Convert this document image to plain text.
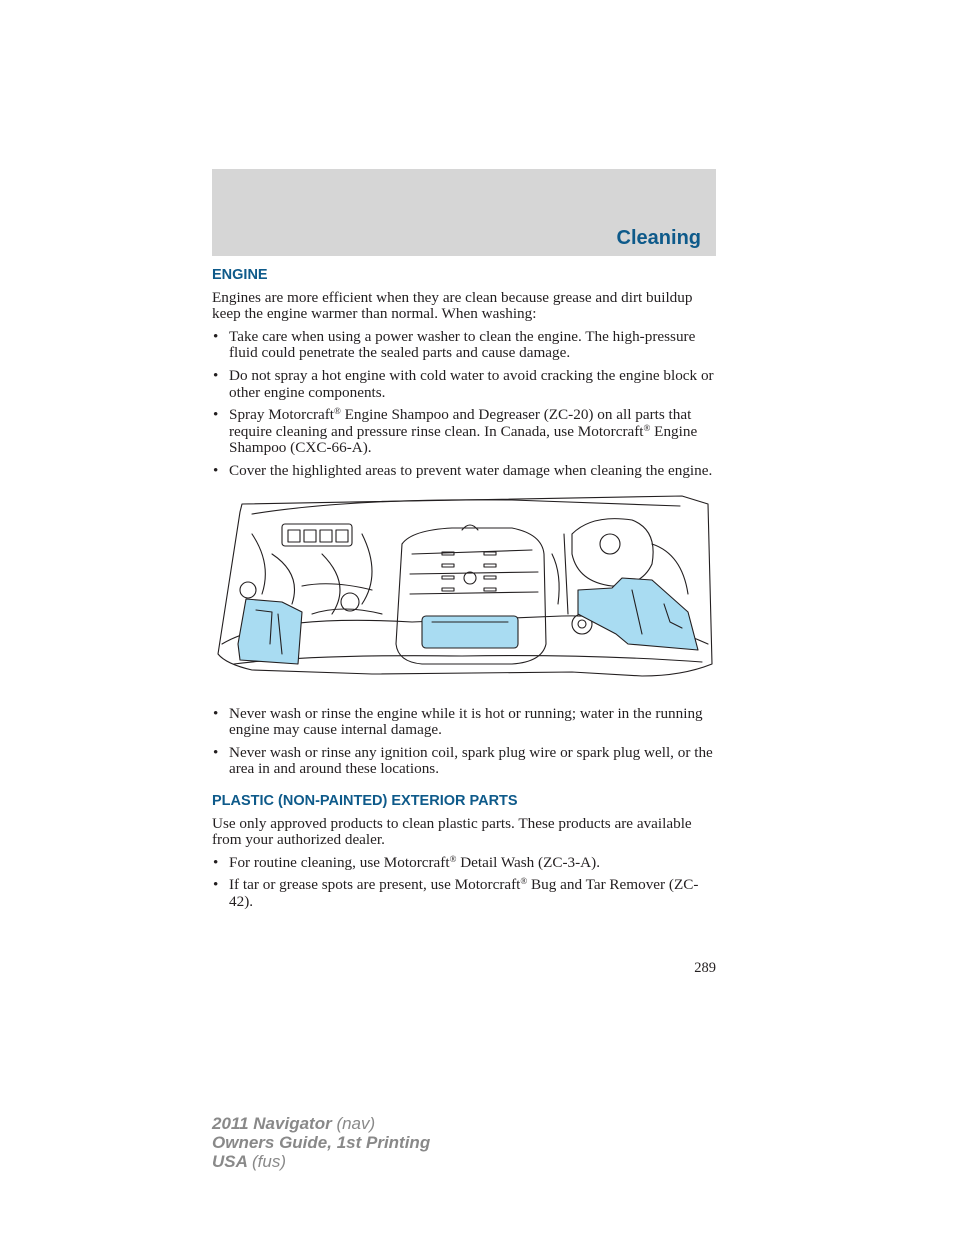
Cleaning
ENGINE

Engines are more efficient when they are clean because grease and dirt buildup keep the engine warmer than normal. When washing:

• Take care when using a power washer to clean the engine. The high-pressure fluid could penetrate the sealed parts and cause damage.
• Do not spray a hot engine with cold water to avoid cracking the engine block or other engine components.
• Spray Motorcraft® Engine Shampoo and Degreaser (ZC-20) on all parts that require cleaning and pressure rinse clean. In Canada, use Motorcraft® Engine Shampoo (CXC-66-A).
• Cover the highlighted areas to prevent water damage when cleaning the engine.
• Never wash or rinse the engine while it is hot or running; water in the running engine may cause internal damage.
• Never wash or rinse any ignition coil, spark plug wire or spark plug well, or the area in and around these locations.
PLASTIC (NON-PAINTED) EXTERIOR PARTS

Use only approved products to clean plastic parts. These products are available from your authorized dealer.

• For routine cleaning, use Motorcraft® Detail Wash (ZC-3-A).
• If tar or grease spots are present, use Motorcraft® Bug and Tar Remover (ZC-42).
289
2011 Navigator (nav)
Owners Guide, 1st Printing
USA (fus)
